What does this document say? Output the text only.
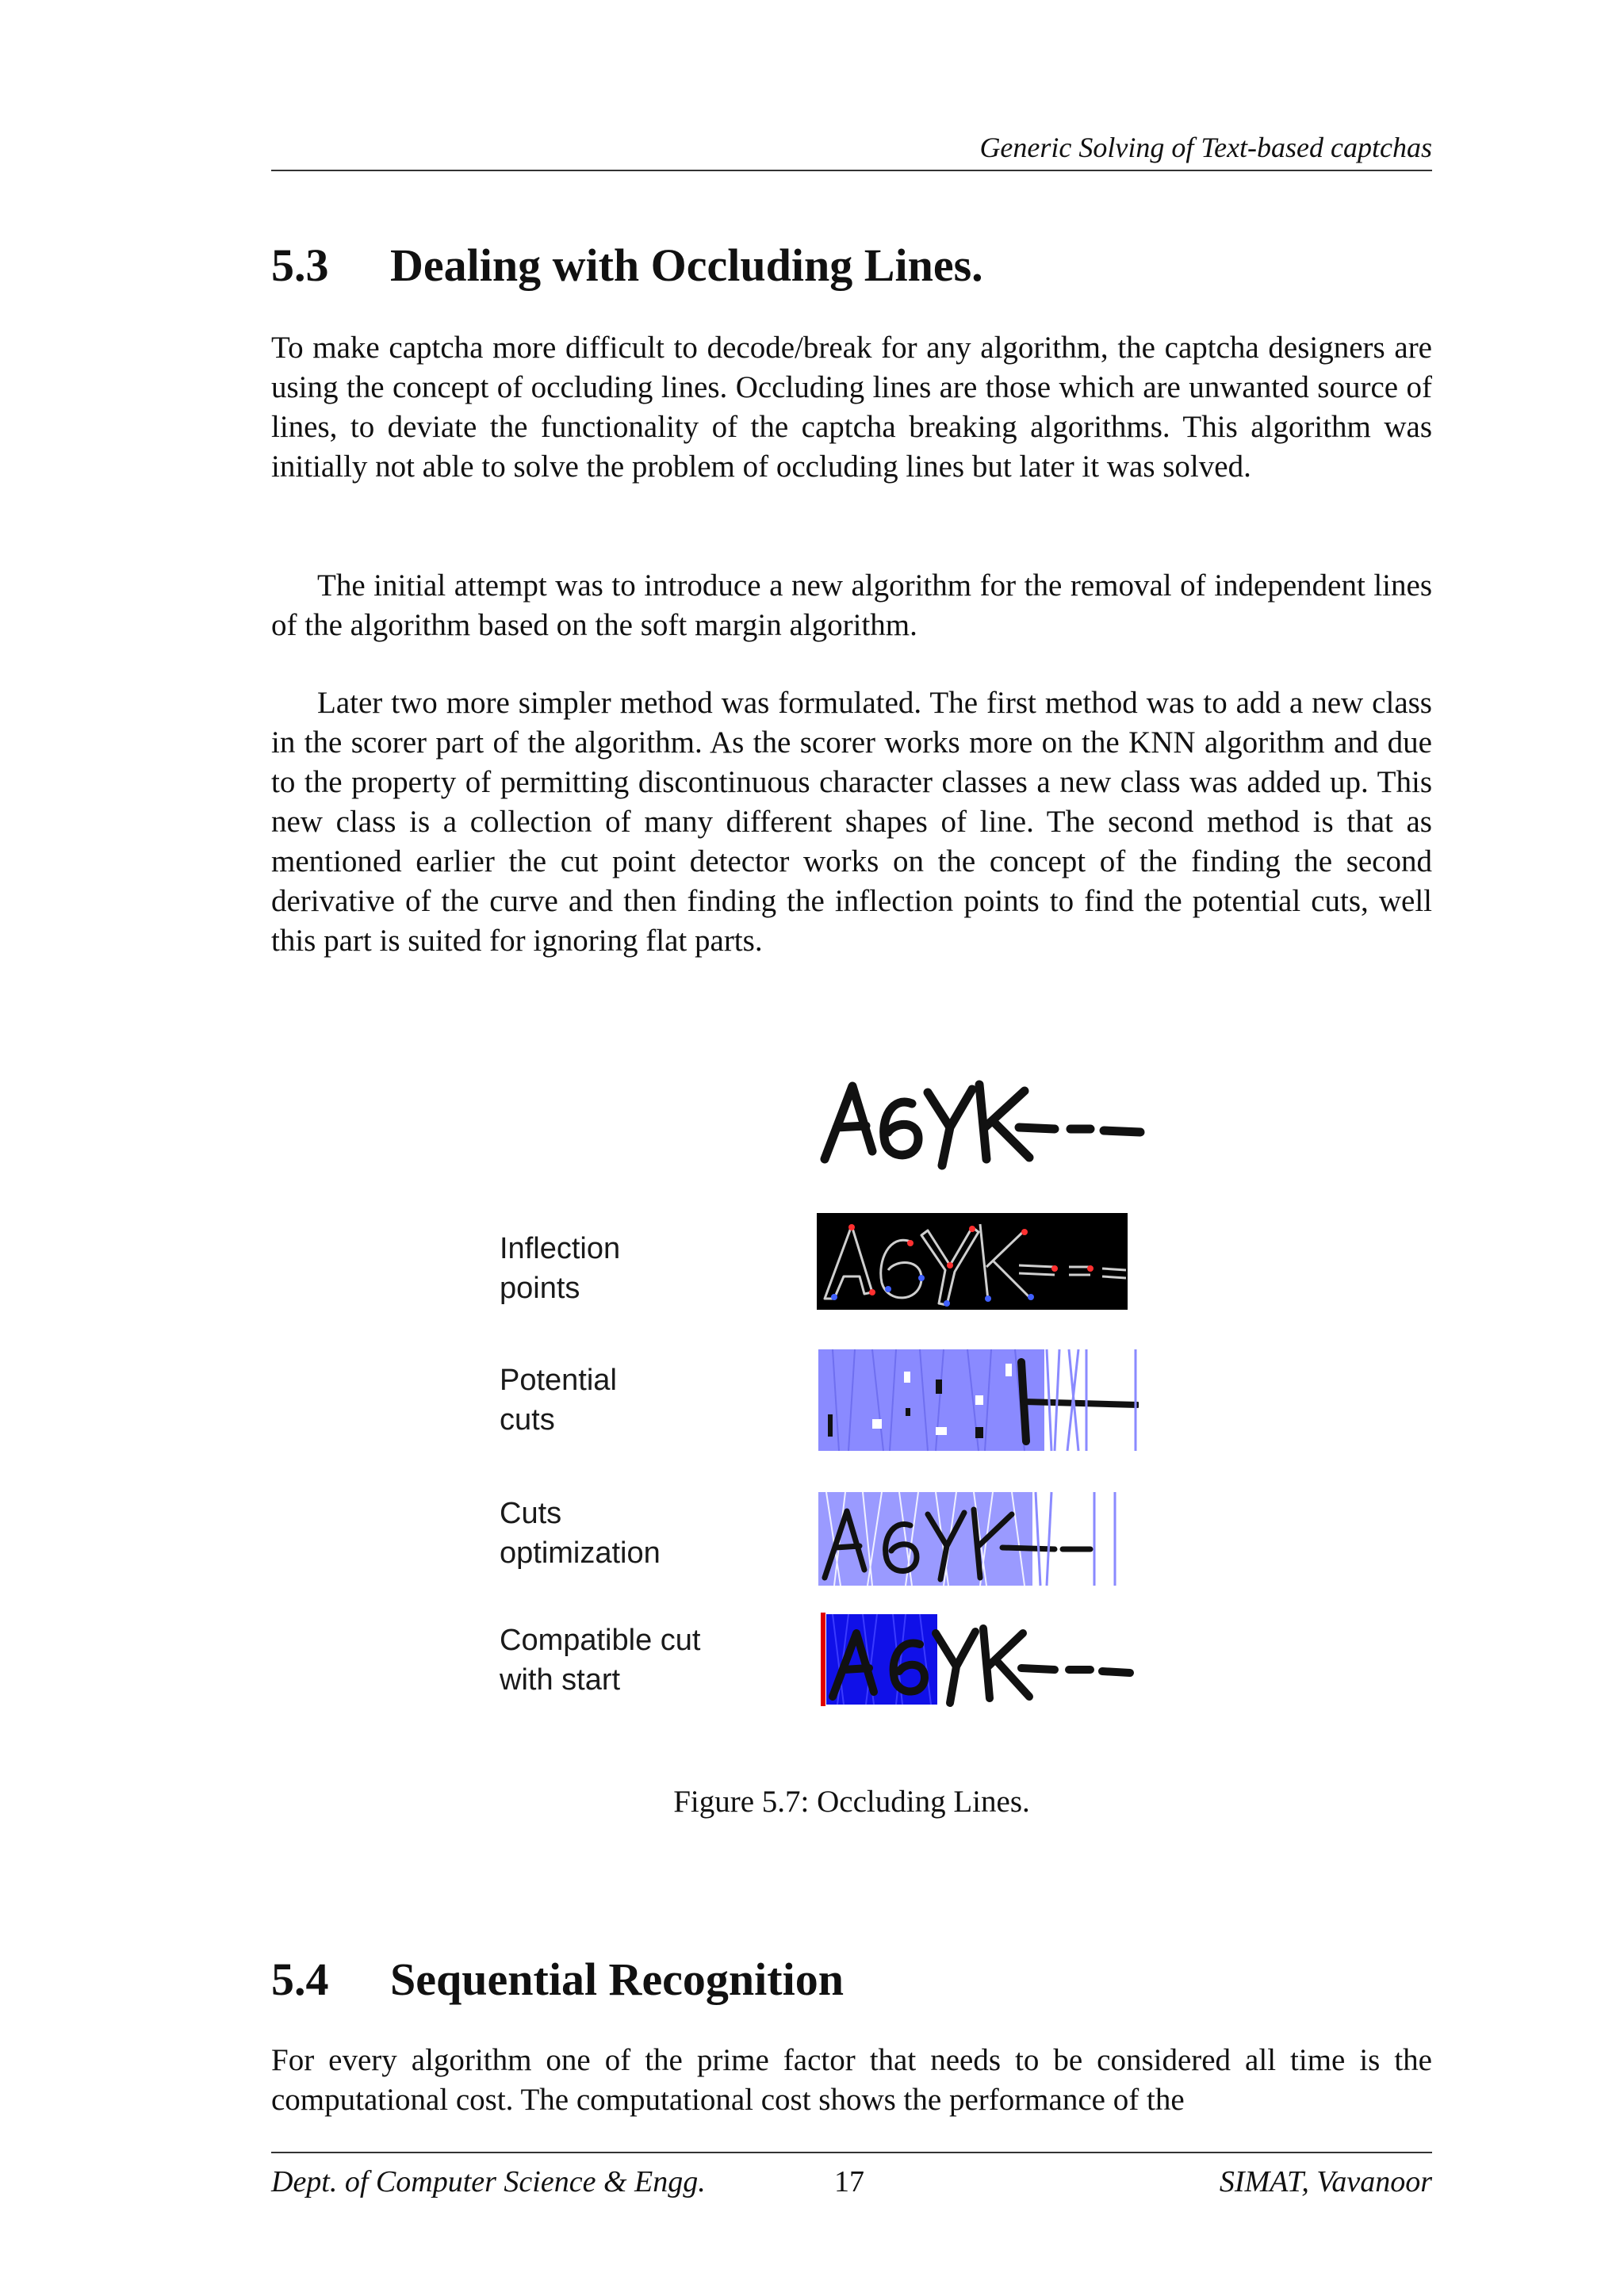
Generic Solving of Text-based captchas
5.3 Dealing with Occluding Lines.

To make captcha more difficult to decode/break for any algorithm, the captcha designers are using the concept of occluding lines. Occluding lines are those which are unwanted source of lines, to deviate the functionality of the captcha breaking algorithms. This algorithm was initially not able to solve the problem of occluding lines but later it was solved.

The initial attempt was to introduce a new algorithm for the removal of independent lines of the algorithm based on the soft margin algorithm.

Later two more simpler method was formulated. The first method was to add a new class in the scorer part of the algorithm. As the scorer works more on the KNN algorithm and due to the property of permitting discontinuous character classes a new class was added up. This new class is a collection of many different shapes of line. The second method is that as mentioned earlier the cut point detector works on the concept of the finding the second derivative of the curve and then finding the inflection points to find the potential cuts, well this part is suited for ignoring flat parts.

Inflection
points
Potential
cuts
Cuts
optimization
Compatible cut
with start
Figure 5.7: Occluding Lines.
5.4 Sequential Recognition

For every algorithm one of the prime factor that needs to be considered all time is the computational cost. The computational cost shows the performance of the

Dept. of Computer Science & Engg.	17	SIMAT, Vavanoor
